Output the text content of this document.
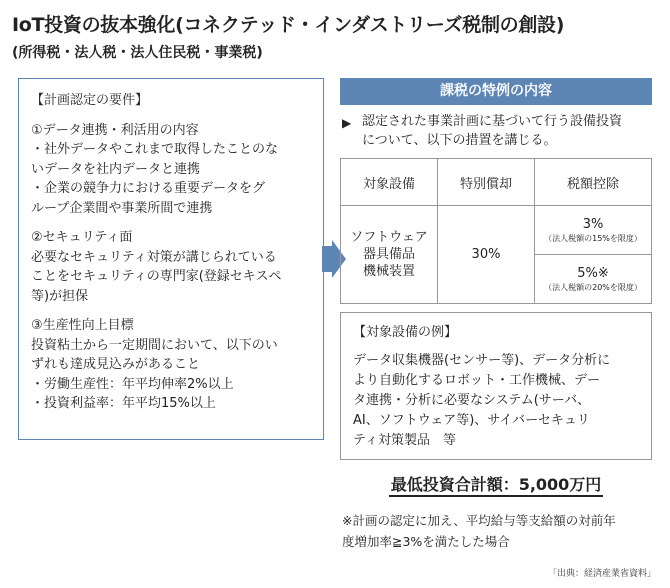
IoT投資の抜本強化(コネクテッド・インダストリーズ税制の創設)
(所得税・法人税・法人住民税・事業税)
【計画認定の要件】
①データ連携・利活用の内容
・社外データやこれまで取得したことのな
いデータを社内データと連携
・企業の競争力における重要データをグ
ループ企業間や事業所間で連携
②セキュリティ面
必要なセキュリティ対策が講じられている
ことをセキュリティの専門家(登録セキスペ
等)が担保
③生産性向上目標
投資粘土から一定期間において、以下のい
ずれも達成見込みがあること
・労働生産性：年平均伸率2%以上
・投資利益率：年平均15%以上
課税の特例の内容
▶ 認定された事業計画に基づいて行う設備投資
について、以下の措置を講じる。
対象設備	特別償却	税額控除

ソフトウェア
器具備品
機械装置	30%	3%
（法人税額の15%を限度）

		5%※
（法人税額の20%を限度）
【対象設備の例】
データ収集機器(センサー等)、データ分析に
より自動化するロボット・工作機械、デー
タ連携・分析に必要なシステム(サーバ、
AI、ソフトウェア等)、サイバーセキュリ
ティ対策製品　等
最低投資合計額：5,000万円
※計画の認定に加え、平均給与等支給額の対前年
度増加率≧3%を満たした場合
「出典：経済産業省資料」
